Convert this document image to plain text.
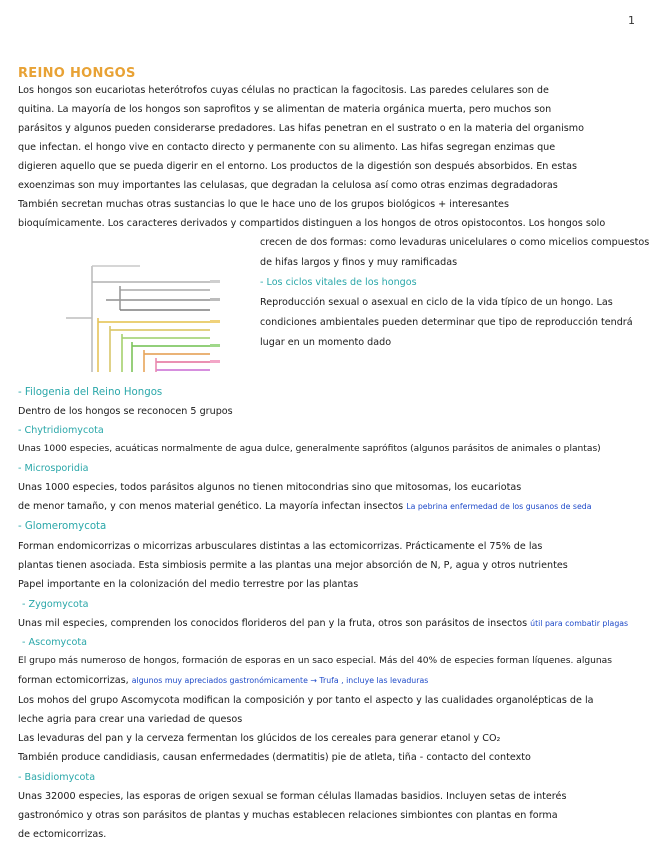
1
REINO HONGOS
Los hongos son eucariotas heterótrofos cuyas células no practican la fagocitosis. Las paredes celulares son de
quitina. La mayoría de los hongos son saprofitos y se alimentan de materia orgánica muerta, pero muchos son
parásitos y algunos pueden considerarse predadores. Las hifas penetran en el sustrato o en la materia del organismo
que infectan. el hongo vive en contacto directo y permanente con su alimento. Las hifas segregan enzimas que
digieren aquello que se pueda digerir en el entorno. Los productos de la digestión son después absorbidos. En estas
exoenzimas son muy importantes las celulasas, que degradan la celulosa así como otras enzimas degradadoras
También secretan muchas otras sustancias lo que le hace uno de los grupos biológicos + interesantes
bioquímicamente. Los caracteres derivados y compartidos distinguen a los hongos de otros opistocontos. Los hongos solo
crecen de dos formas: como levaduras unicelulares o como micelios compuestos
de hifas largos y finos y muy ramificadas
- Los ciclos vitales de los hongos
Reproducción sexual o asexual en ciclo de la vida típico de un hongo. Las
condiciones ambientales pueden determinar que tipo de reproducción tendrá
lugar en un momento dado
- Filogenia del Reino Hongos
Dentro de los hongos se reconocen 5 grupos
- Chytridiomycota
Unas 1000 especies, acuáticas normalmente de agua dulce, generalmente saprófitos (algunos parásitos de animales o plantas)
- Microsporidia
Unas 1000 especies, todos parásitos algunos no tienen mitocondrias sino que mitosomas, los eucariotas
de menor tamaño, y con menos material genético. La mayoría infectan insectos La pebrina enfermedad de los gusanos de seda
- Glomeromycota
Forman endomicorrizas o micorrizas arbusculares distintas a las ectomicorrizas. Prácticamente el 75% de las
plantas tienen asociada. Esta simbiosis permite a las plantas una mejor absorción de N, P, agua y otros nutrientes
Papel importante en la colonización del medio terrestre por las plantas
- Zygomycota
Unas mil especies, comprenden los conocidos florideros del pan y la fruta, otros son parásitos de insectos útil para combatir plagas
- Ascomycota
El grupo más numeroso de hongos, formación de esporas en un saco especial. Más del 40% de especies forman líquenes. algunas
forman ectomicorrizas, algunos muy apreciados gastronómicamente → Trufa , incluye las levaduras
Los mohos del grupo Ascomycota modifican la composición y por tanto el aspecto y las cualidades organolépticas de la
leche agria para crear una variedad de quesos
Las levaduras del pan y la cerveza fermentan los glúcidos de los cereales para generar etanol y CO₂
También produce candidiasis, causan enfermedades (dermatitis) pie de atleta, tiña - contacto del contexto
- Basidiomycota
Unas 32000 especies, las esporas de origen sexual se forman células llamadas basidios. Incluyen setas de interés
gastronómico y otras son parásitos de plantas y muchas establecen relaciones simbiontes con plantas en forma
de ectomicorrizas.
